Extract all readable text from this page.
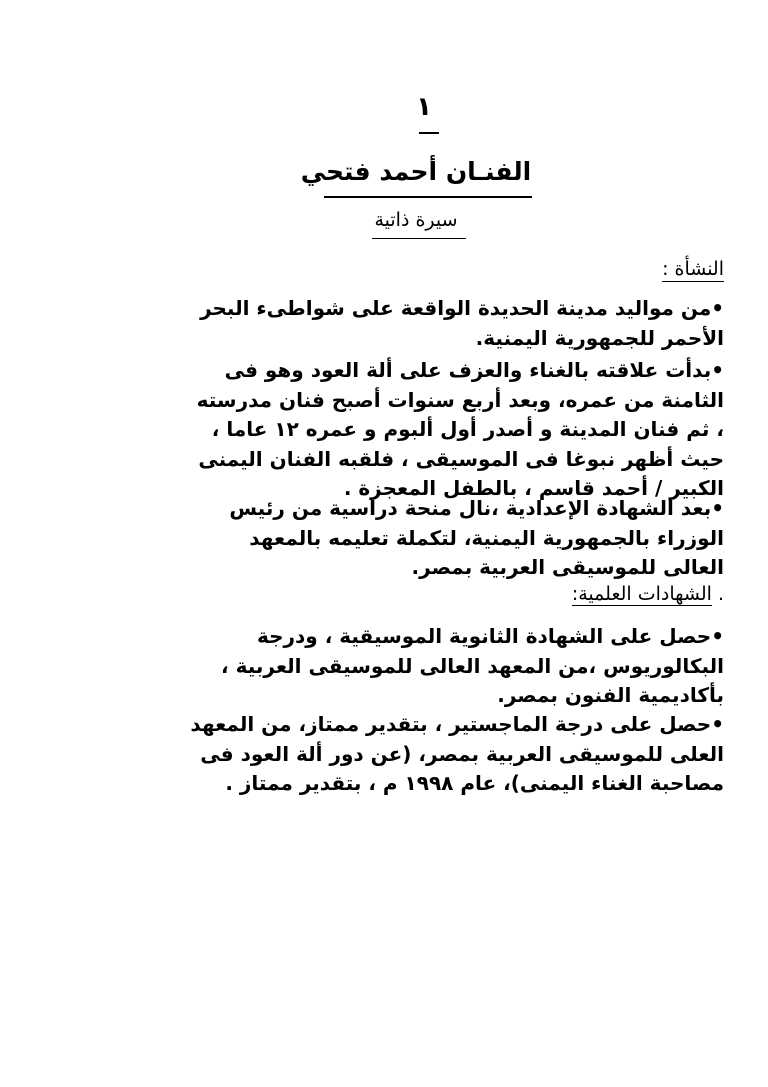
١
الفنـان أحمد فتحي
سيرة ذاتية
النشأة :
•من مواليد مدينة الحديدة الواقعة على شواطىء البحر
الأحمر للجمهورية اليمنية.
•بدأت علاقته بالغناء والعزف على ألة العود وهو فى
الثامنة من عمره، وبعد أربع سنوات أصبح فنان مدرسته
، ثم فنان المدينة و أصدر أول ألبوم و عمره ١٢ عاما ،
حيث أظهر نبوغا فى الموسيقى ، فلقبه الفنان اليمنى
الكبير / أحمد قاسم ، بالطفل المعجزة .
•بعد الشهادة الإعدادية ،نال منحة دراسية من رئيس
الوزراء بالجمهورية اليمنية، لتكملة تعليمه بالمعهد
العالى للموسيقى العربية بمصر.
. الشهادات العلمية:
•حصل على الشهادة الثانوية الموسيقية ، ودرجة
البكالوريوس ،من المعهد العالى للموسيقى العربية ،
بأكاديمية الفنون بمصر.
•حصل على درجة الماجستير ، بتقدير ممتاز، من المعهد
العلى للموسيقى العربية بمصر، (عن دور ألة العود فى
مصاحبة الغناء اليمنى)، عام ١٩٩٨ م ، بتقدير ممتاز .
